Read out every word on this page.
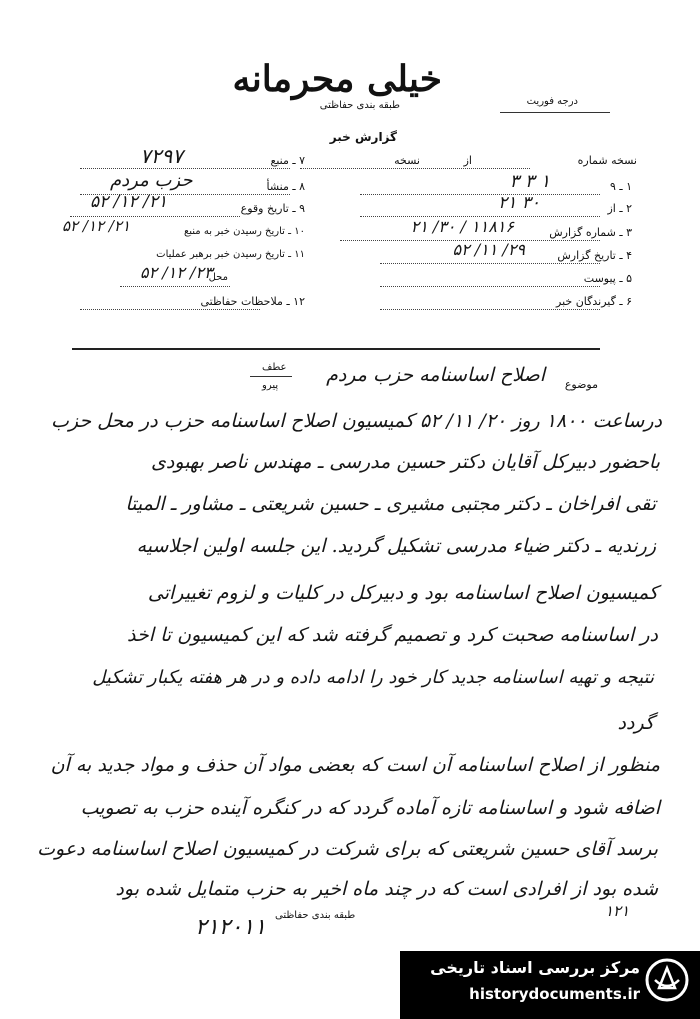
خیلی محرمانه
طبقه بندی حفاظتی	درجه فوریت
گزارش خبر
نسخه شماره
از
نسخه
۱ ـ ۹
۱ ۳ ۳
۲ ـ از
۳۰ ۲۱
۳ ـ شماره گزارش
۱۱۸۱۶ / ۳۰/ ۲۱
۴ ـ تاریخ گزارش
۲۹/ ۱۱/ ۵۲
۵ ـ پیوست
۶ ـ گیرندگان خبر
۷ ـ منبع
۷۲۹۷
۸ ـ منشأ
حزب مردم
۹ ـ تاریخ وقوع
۲۱/ ۱۲/ ۵۲
۱۰ ـ تاریخ رسیدن خبر به منبع
۲۱/ ۱۲/ ۵۲
۱۱ ـ تاریخ رسیدن خبر برهبر عملیات
محل
۲۳/ ۱۲/ ۵۲
۱۲ ـ ملاحظات حفاظتی
موضوع
اصلاح اساسنامه حزب مردم
عطف
پیرو
درساعت ۱۸۰۰ روز ۲۰/ ۱۱/ ۵۲ کمیسیون اصلاح اساسنامه حزب در محل حزب
باحضور دبیرکل آقایان دکتر حسین مدرسی ـ مهندس ناصر بهبودی
تقی افراخان ـ دکتر مجتبی مشیری ـ حسین شریعتی ـ مشاور ـ المیتا
زرندیه ـ دکتر ضیاء مدرسی تشکیل گردید. این جلسه اولین اجلاسیه
کمیسیون اصلاح اساسنامه بود و دبیرکل در کلیات و لزوم تغییراتی
در اساسنامه صحبت کرد و تصمیم گرفته شد که این کمیسیون تا اخذ
نتیجه و تهیه اساسنامه جدید کار خود را ادامه داده و در هر هفته یکبار تشکیل
گردد
منظور از اصلاح اساسنامه آن است که بعضی مواد آن حذف و مواد جدید به آن
اضافه شود و اساسنامه تازه آماده گردد که در کنگره آینده حزب به تصویب
برسد آقای حسین شریعتی که برای شرکت در کمیسیون اصلاح اساسنامه دعوت
شده بود از افرادی است که در چند ماه اخیر به حزب متمایل شده بود
۱۲۱
۲۱۲۰۱۱ طبقه بندی حفاظتی
مرکز بررسی اسناد تاریخی
historydocuments.ir
